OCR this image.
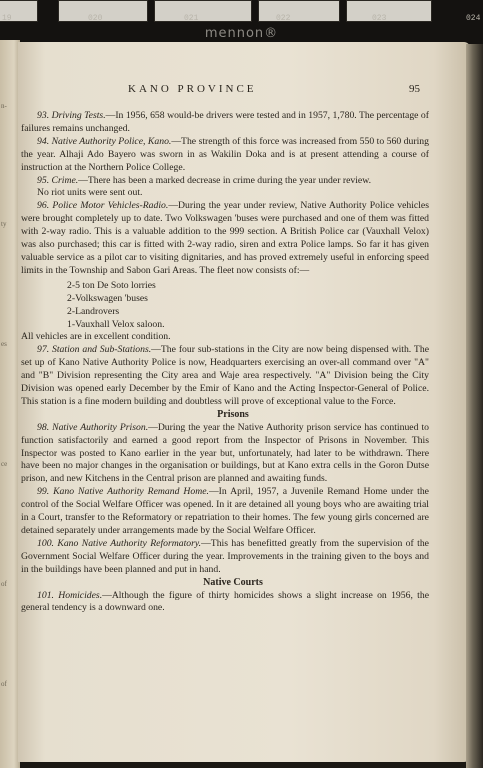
19	020	021	022	023	024
mennon®
n-
ty
es
ce
of
of
KANO PROVINCE	95

93. Driving Tests.—In 1956, 658 would-be drivers were tested and in 1957, 1,780. The percentage of failures remains unchanged.

94. Native Authority Police, Kano.—The strength of this force was increased from 550 to 560 during the year. Alhaji Ado Bayero was sworn in as Wakilin Doka and is at present attending a course of instruction at the Northern Police College.

95. Crime.—There has been a marked decrease in crime during the year under review.

No riot units were sent out.

96. Police Motor Vehicles-Radio.—During the year under review, Native Authority Police vehicles were brought completely up to date. Two Volkswagen 'buses were purchased and one of them was fitted with 2-way radio. This is a valuable addition to the 999 section. A British Police car (Vauxhall Velox) was also purchased; this car is fitted with 2-way radio, siren and extra Police lamps. So far it has given valuable service as a pilot car to visiting dignitaries, and has proved extremely useful in enforcing speed limits in the Township and Sabon Gari Areas. The fleet now consists of:—

2-5 ton De Soto lorries
2-Volkswagen 'buses
2-Landrovers
1-Vauxhall Velox saloon.

All vehicles are in excellent condition.

97. Station and Sub-Stations.—The four sub-stations in the City are now being dispensed with. The set up of Kano Native Authority Police is now, Headquarters exercising an over-all command over "A" and "B" Division representing the City area and Waje area respectively. "A" Division being the City Division was opened early December by the Emir of Kano and the Acting Inspector-General of Police. This station is a fine modern building and doubtless will prove of exceptional value to the Force.

Prisons

98. Native Authority Prison.—During the year the Native Authority prison service has continued to function satisfactorily and earned a good report from the Inspector of Prisons in November. This Inspector was posted to Kano earlier in the year but, unfortunately, had later to be withdrawn. There have been no major changes in the organisation or buildings, but at Kano extra cells in the Goron Dutse prison, and new Kitchens in the Central prison are planned and awaiting funds.

99. Kano Native Authority Remand Home.—In April, 1957, a Juvenile Remand Home under the control of the Social Welfare Officer was opened. In it are detained all young boys who are awaiting trial in a Court, transfer to the Reformatory or repatriation to their homes. The few young girls concerned are detained separately under arrangements made by the Social Welfare Officer.

100. Kano Native Authority Reformatory.—This has benefitted greatly from the supervision of the Government Social Welfare Officer during the year. Improvements in the training given to the boys and in the buildings have been planned and put in hand.

Native Courts

101. Homicides.—Although the figure of thirty homicides shows a slight increase on 1956, the general tendency is a downward one.
